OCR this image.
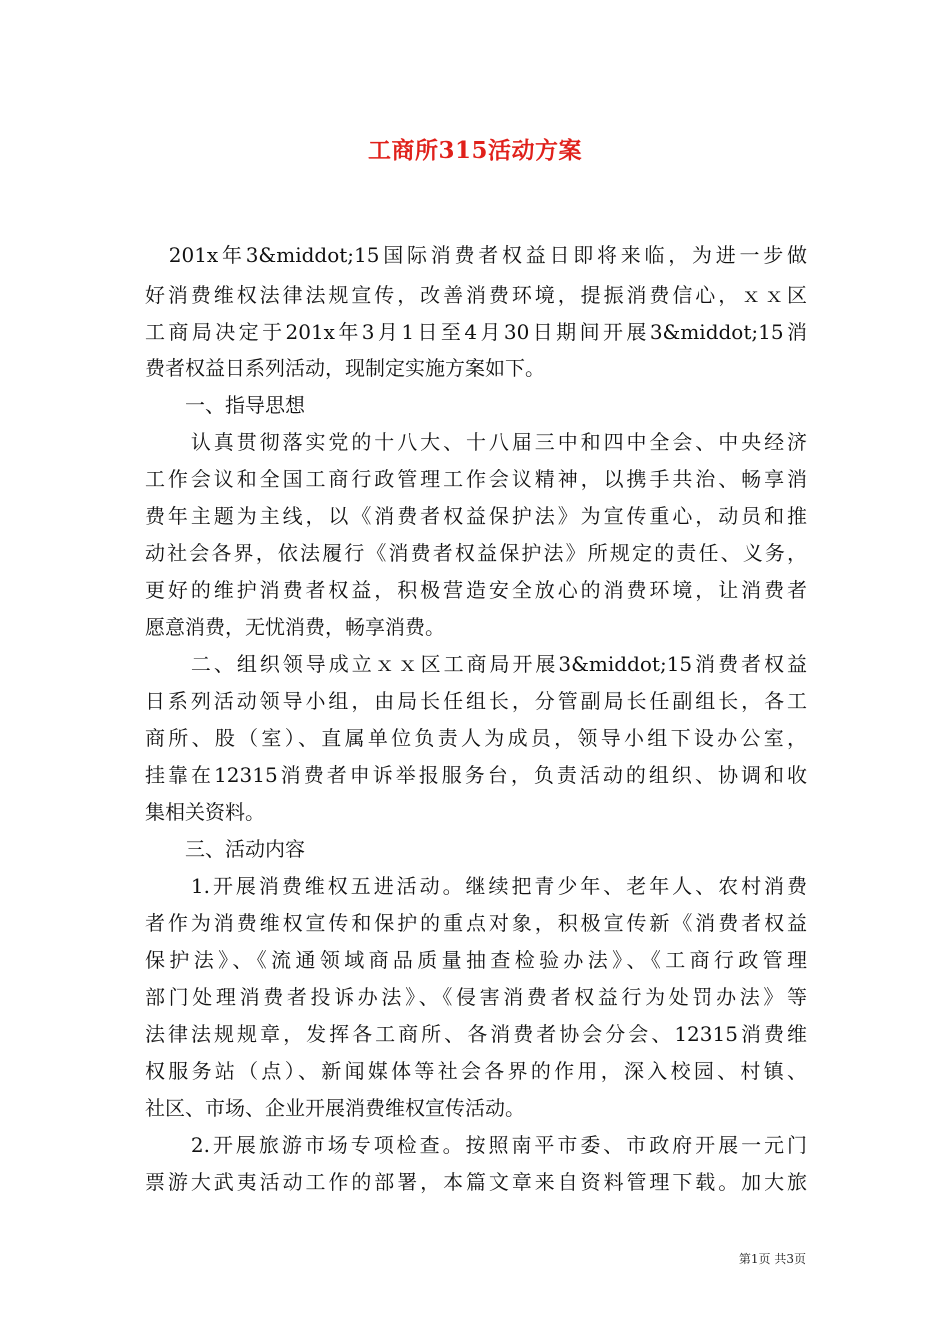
工商所315活动方案
　201x年3&middot;15国际消费者权益日即将来临，为进一步做
好消费维权法律法规宣传，改善消费环境，提振消费信心，ｘｘ区
工商局决定于201x年3月1日至4月30日期间开展3&middot;15消
费者权益日系列活动，现制定实施方案如下。
　　一、指导思想
　　认真贯彻落实党的十八大、十八届三中和四中全会、中央经济
工作会议和全国工商行政管理工作会议精神，以携手共治、畅享消
费年主题为主线，以《消费者权益保护法》为宣传重心，动员和推
动社会各界，依法履行《消费者权益保护法》所规定的责任、义务，
更好的维护消费者权益，积极营造安全放心的消费环境，让消费者
愿意消费，无忧消费，畅享消费。
　　二、组织领导成立ｘｘ区工商局开展3&middot;15消费者权益
日系列活动领导小组，由局长任组长，分管副局长任副组长，各工
商所、股（室）、直属单位负责人为成员，领导小组下设办公室，
挂靠在12315消费者申诉举报服务台，负责活动的组织、协调和收
集相关资料。
　　三、活动内容
　　1.开展消费维权五进活动。继续把青少年、老年人、农村消费
者作为消费维权宣传和保护的重点对象，积极宣传新《消费者权益
保护法》、《流通领域商品质量抽查检验办法》、《工商行政管理
部门处理消费者投诉办法》、《侵害消费者权益行为处罚办法》等
法律法规规章，发挥各工商所、各消费者协会分会、12315消费维
权服务站（点）、新闻媒体等社会各界的作用，深入校园、村镇、
社区、市场、企业开展消费维权宣传活动。
　　2.开展旅游市场专项检查。按照南平市委、市政府开展一元门
票游大武夷活动工作的部署，本篇文章来自资料管理下载。加大旅
第1页 共3页
